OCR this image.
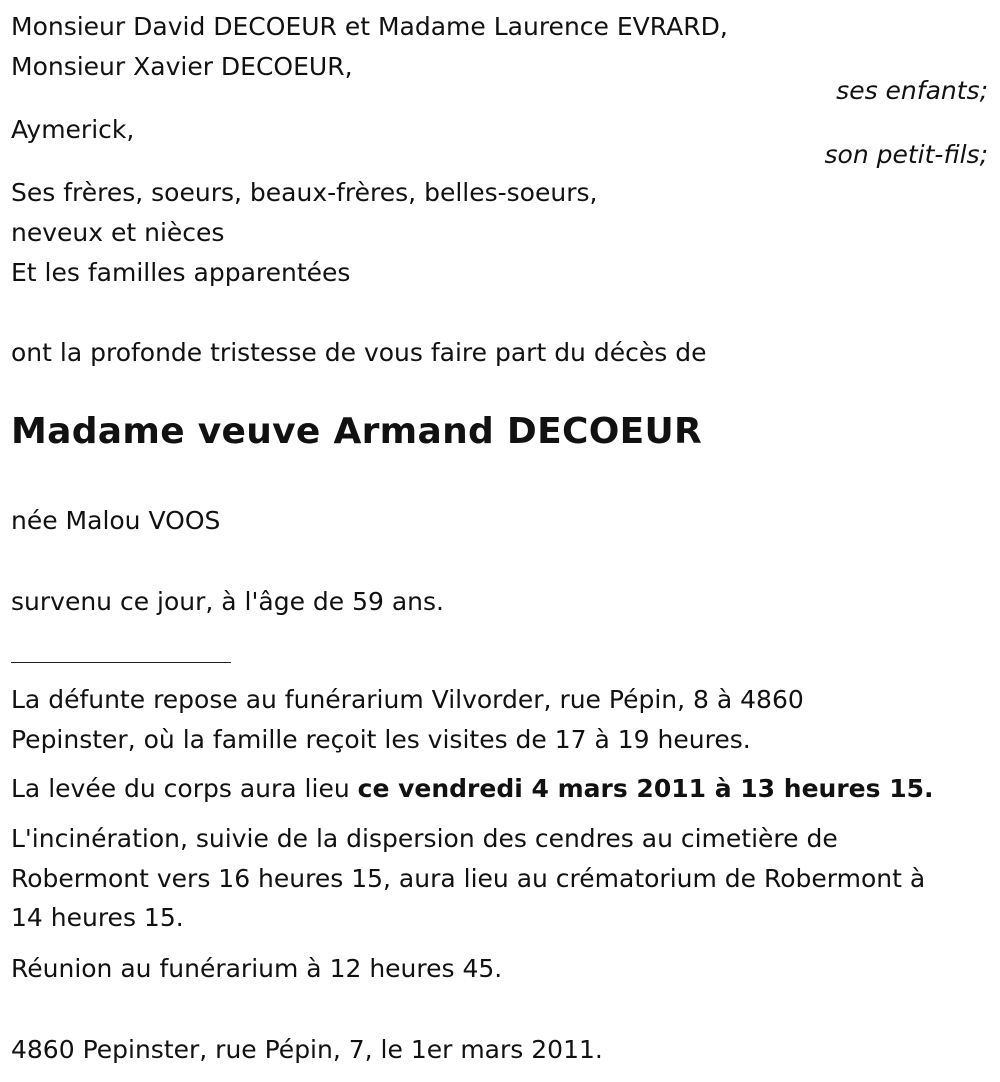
Monsieur David DECOEUR et Madame Laurence EVRARD,
Monsieur Xavier DECOEUR,
ses enfants;
Aymerick,
son petit-fils;
Ses frères, soeurs, beaux-frères, belles-soeurs,
neveux et nièces
Et les familles apparentées
ont la profonde tristesse de vous faire part du décès de
Madame veuve Armand DECOEUR
née Malou VOOS
survenu ce jour, à l'âge de 59 ans.
La défunte repose au funérarium Vilvorder, rue Pépin, 8 à 4860
Pepinster, où la famille reçoit les visites de 17 à 19 heures.
La levée du corps aura lieu ce vendredi 4 mars 2011 à 13 heures 15.
L'incinération, suivie de la dispersion des cendres au cimetière de
Robermont vers 16 heures 15, aura lieu au crématorium de Robermont à
14 heures 15.
Réunion au funérarium à 12 heures 45.
4860 Pepinster, rue Pépin, 7, le 1er mars 2011.
